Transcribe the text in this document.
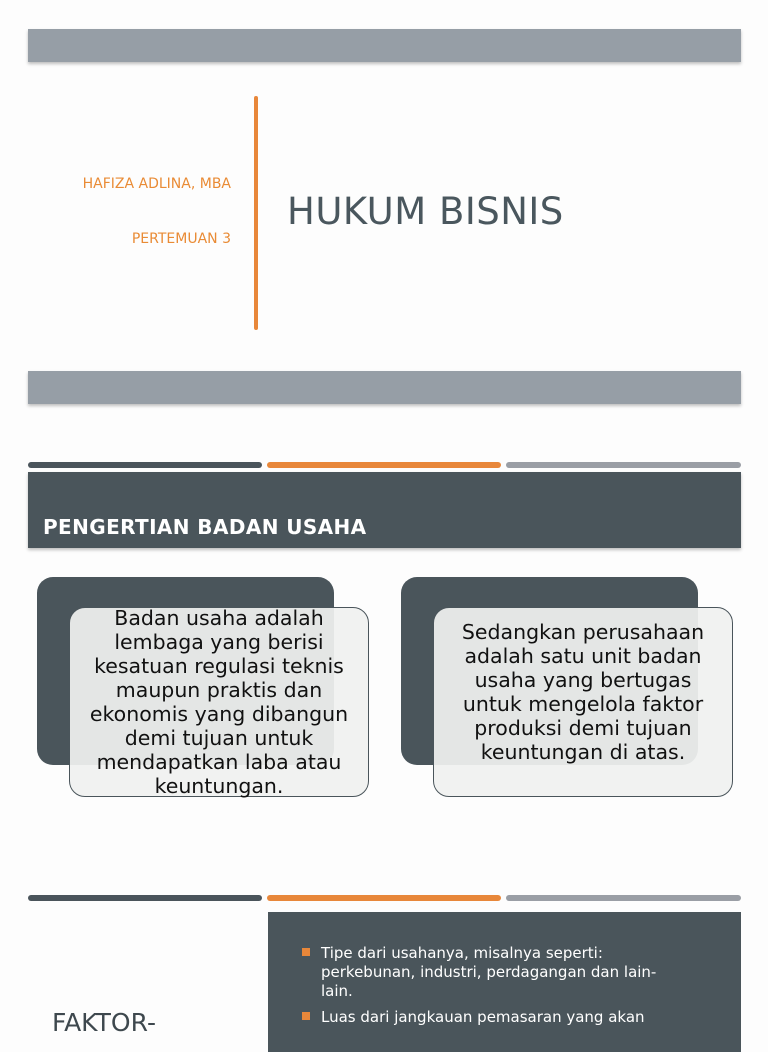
HAFIZA ADLINA, MBA
PERTEMUAN 3
HUKUM BISNIS
PENGERTIAN BADAN USAHA
Badan usaha adalah lembaga yang berisi kesatuan regulasi teknis maupun praktis dan ekonomis yang dibangun demi tujuan untuk mendapatkan laba atau keuntungan.
Sedangkan perusahaan adalah satu unit badan usaha yang bertugas untuk mengelola faktor produksi demi tujuan keuntungan di atas.
FAKTOR-
Tipe dari usahanya, misalnya seperti: perkebunan, industri, perdagangan dan lain-lain.
Luas dari jangkauan pemasaran yang akan
